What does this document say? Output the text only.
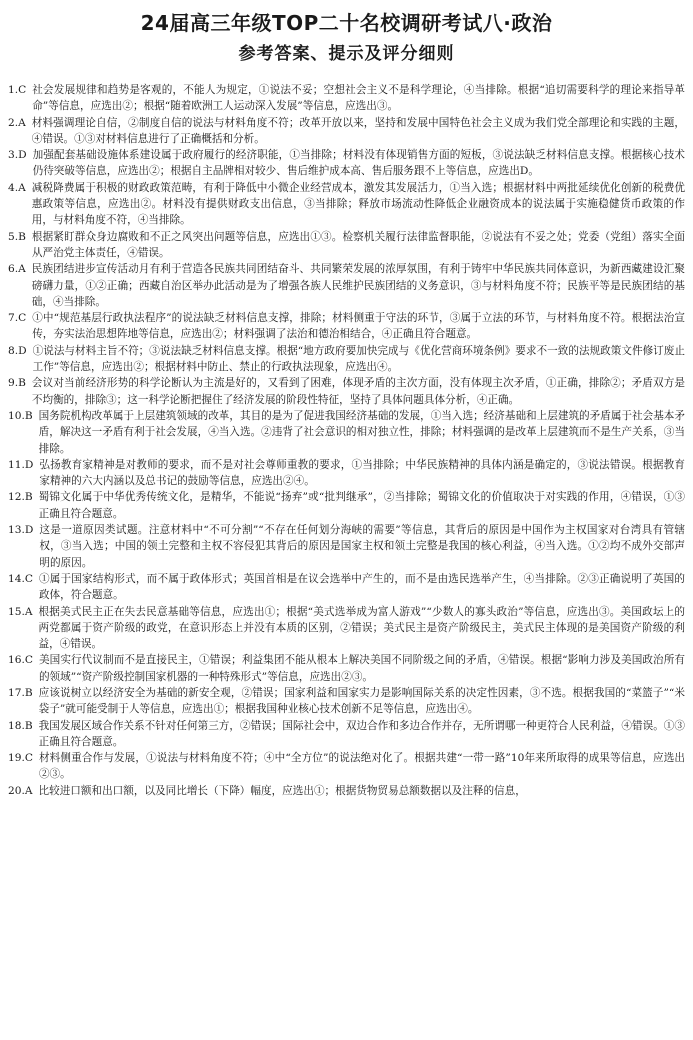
24届高三年级TOP二十名校调研考试八·政治
参考答案、提示及评分细则
1. C 社会发展规律和趋势是客观的，不能人为规定，①说法不妥；空想社会主义不是科学理论，④当排除。根据“追切需要科学的理论来指导革命”等信息，应选出②；根据“随着欧洲工人运动深入发展”等信息，应选出③。
2. A 材料强调理论自信，②制度自信的说法与材料角度不符；改革开放以来，坚持和发展中国特色社会主义成为我们党全部理论和实践的主题，④错误。①③对材料信息进行了正确概括和分析。
3. D 加强配套基础设施体系建设属于政府履行的经济职能，①当排除；材料没有体现销售方面的短板，③说法缺乏材料信息支撑。根据核心技术仍待突破等信息，应选出②；根据自主品牌相对较少、售后维护成本高、售后服务跟不上等信息，应选出D。
4. A 减税降费属于积极的财政政策范畴，有利于降低中小微企业经营成本，激发其发展活力，①当入选；根据材料中两批延续优化创新的税费优惠政策等信息，应选出②。材料没有提供财政支出信息，③当排除；释放市场流动性降低企业融资成本的说法属于实施稳健货币政策的作用，与材料角度不符，④当排除。
5. B 根据紧盯群众身边腐败和不正之风突出问题等信息，应选出①③。检察机关履行法律监督职能，②说法有不妥之处；党委（党组）落实全面从严治党主体责任，④错误。
6. A 民族团结进步宣传活动月有利于营造各民族共同团结奋斗、共同繁荣发展的浓厚氛围，有利于铸牢中华民族共同体意识，为新西藏建设汇聚磅礴力量，①②正确；西藏自治区举办此活动是为了增强各族人民维护民族团结的义务意识，③与材料角度不符；民族平等是民族团结的基础，④当排除。
7. C ①中“规范基层行政执法程序”的说法缺乏材料信息支撑，排除；材料侧重于守法的环节，③属于立法的环节，与材料角度不符。根据法治宣传，夯实法治思想阵地等信息，应选出②；材料强调了法治和德治相结合，④正确且符合题意。
8. D ①说法与材料主旨不符；③说法缺乏材料信息支撑。根据“地方政府要加快完成与《优化营商环境条例》要求不一致的法规政策文件修订废止工作”等信息，应选出②；根据材料中防止、禁止的行政执法现象，应选出④。
9. B 会议对当前经济形势的科学论断认为主流是好的，又看到了困难，体现矛盾的主次方面，没有体现主次矛盾，①正确，排除②；矛盾双方是不均衡的，排除③；这一科学论断把握住了经济发展的阶段性特征，坚持了具体问题具体分析，④正确。
10. B 国务院机构改革属于上层建筑领域的改革，其目的是为了促进我国经济基础的发展，①当入选；经济基础和上层建筑的矛盾属于社会基本矛盾，解决这一矛盾有利于社会发展，④当入选。②违背了社会意识的相对独立性，排除；材料强调的是改革上层建筑而不是生产关系，③当排除。
11. D 弘扬教育家精神是对教师的要求，而不是对社会尊师重教的要求，①当排除；中华民族精神的具体内涵是确定的，③说法错误。根据教育家精神的六大内涵以及总书记的鼓励等信息，应选出②④。
12. B 蜀锦文化属于中华优秀传统文化，是精华，不能说“扬弃”或“批判继承”，②当排除；蜀锦文化的价值取决于对实践的作用，④错误，①③正确且符合题意。
13. D 这是一道原因类试题。注意材料中“不可分割”“不存在任何划分海峡的需要”等信息，其背后的原因是中国作为主权国家对台湾具有管辖权，③当入选；中国的领土完整和主权不容侵犯其背后的原因是国家主权和领土完整是我国的核心利益，④当入选。①②均不成外交部声明的原因。
14. C ①属于国家结构形式，而不属于政体形式；英国首相是在议会选举中产生的，而不是由选民选举产生，④当排除。②③正确说明了英国的政体，符合题意。
15. A 根据美式民主正在失去民意基础等信息，应选出①；根据“美式选举成为富人游戏”“少数人的寡头政治”等信息，应选出③。美国政坛上的两党都属于资产阶级的政党，在意识形态上并没有本质的区别，②错误；美式民主是资产阶级民主，美式民主体现的是美国资产阶级的利益，④错误。
16. C 美国实行代议制而不是直接民主，①错误；利益集团不能从根本上解决美国不同阶级之间的矛盾，④错误。根据“影响力涉及美国政治所有的领域”“资产阶级控制国家机器的一种特殊形式”等信息，应选出②③。
17. B 应该说树立以经济安全为基础的新安全观，②错误；国家利益和国家实力是影响国际关系的决定性因素，③不选。根据我国的“菜篮子”“米袋子”就可能受制于人等信息，应选出①；根据我国种业核心技术创新不足等信息，应选出④。
18. B 我国发展区域合作关系不针对任何第三方，②错误；国际社会中，双边合作和多边合作并存，无所谓哪一种更符合人民利益，④错误。①③正确且符合题意。
19. C 材料侧重合作与发展，①说法与材料角度不符；④中“全方位”的说法绝对化了。根据共建“一带一路”10年来所取得的成果等信息，应选出②③。
20. A 比较进口额和出口额，以及同比增长（下降）幅度，应选出①；根据货物贸易总额数据以及注释的信息，
